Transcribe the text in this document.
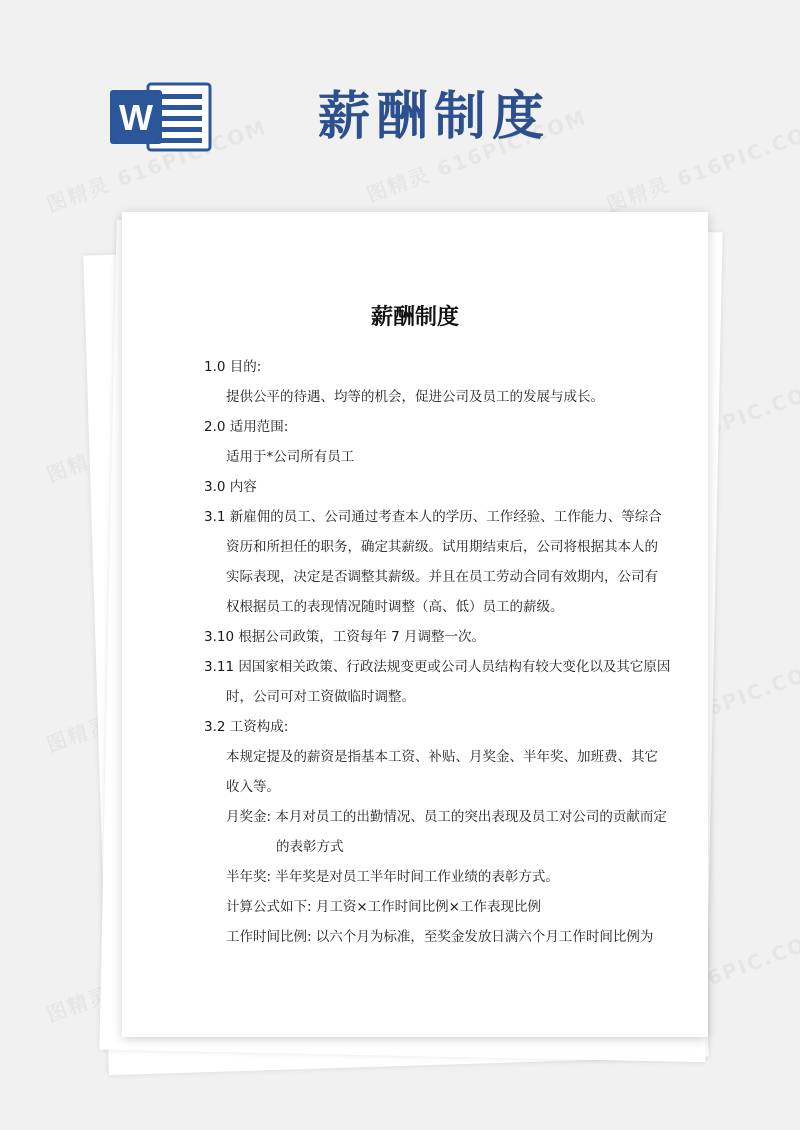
W	薪酬制度
薪酬制度
1.0 目的:
提供公平的待遇、均等的机会，促进公司及员工的发展与成长。
2.0 适用范围:
适用于*公司所有员工
3.0 内容
3.1 新雇佣的员工、公司通过考查本人的学历、工作经验、工作能力、等综合
资历和所担任的职务，确定其薪级。试用期结束后，公司将根据其本人的
实际表现，决定是否调整其薪级。并且在员工劳动合同有效期内，公司有
权根据员工的表现情况随时调整（高、低）员工的薪级。
3.10 根据公司政策，工资每年 7 月调整一次。
3.11 因国家相关政策、行政法规变更或公司人员结构有较大变化以及其它原因
时，公司可对工资做临时调整。
3.2 工资构成:
本规定提及的薪资是指基本工资、补贴、月奖金、半年奖、加班费、其它
收入等。
月奖金: 本月对员工的出勤情况、员工的突出表现及员工对公司的贡献而定
的表彰方式
半年奖: 半年奖是对员工半年时间工作业绩的表彰方式。
计算公式如下: 月工资×工作时间比例×工作表现比例
工作时间比例: 以六个月为标准，至奖金发放日满六个月工作时间比例为
